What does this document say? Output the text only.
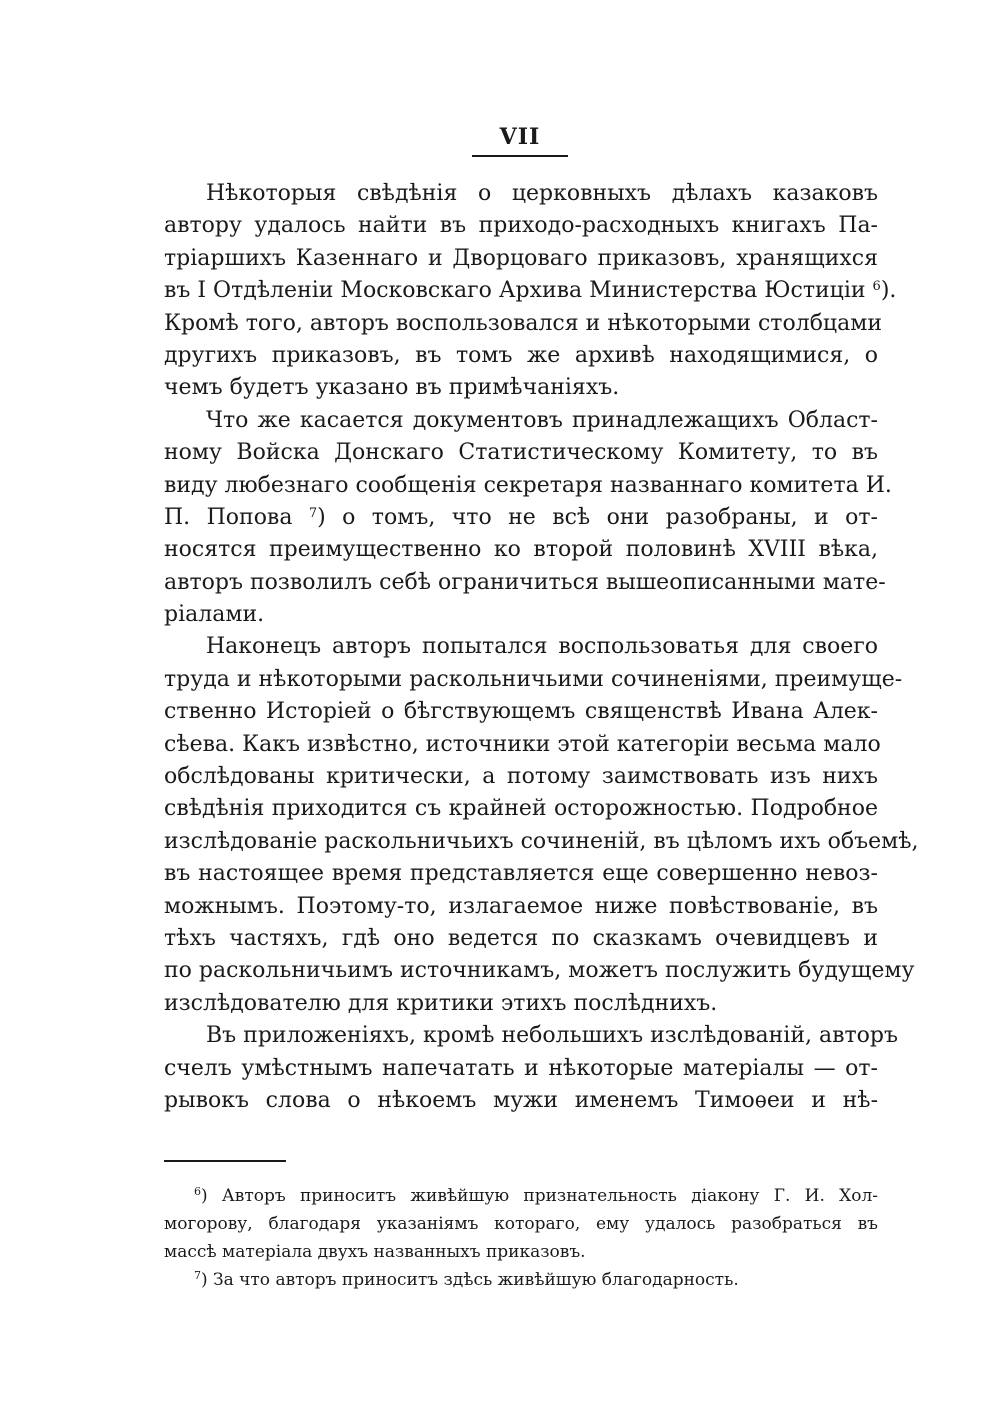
VII
Нѣкоторыя свѣдѣнія о церковныхъ дѣлахъ казаковъ
автору удалось найти въ приходо-расходныхъ книгахъ Па-
тріаршихъ Казеннаго и Дворцоваго приказовъ, хранящихся
въ I Отдѣленіи Московскаго Архива Министерства Юстиціи $^6$).
Кромѣ того, авторъ воспользовался и нѣкоторыми столбцами
другихъ приказовъ, въ томъ же архивѣ находящимися, о
чемъ будетъ указано въ примѣчаніяхъ.
Что же касается документовъ принадлежащихъ Област-
ному Войска Донскаго Статистическому Комитету, то въ
виду любезнаго сообщенія секретаря названнаго комитета И.
П. Попова $^7$) о томъ, что не всѣ они разобраны, и от-
носятся преимущественно ко второй половинѣ XVIII вѣка,
авторъ позволилъ себѣ ограничиться вышеописанными мате-
ріалами.
Наконецъ авторъ попытался воспользоватья для своего
труда и нѣкоторыми раскольничьими сочиненіями, преимуще-
ственно Исторіей о бѣгствующемъ священствѣ Ивана Алек-
сѣева. Какъ извѣстно, источники этой категоріи весьма мало
обслѣдованы критически, а потому заимствовать изъ нихъ
свѣдѣнія приходится съ крайней осторожностью. Подробное
изслѣдованіе раскольничьихъ сочиненій, въ цѣломъ ихъ объемѣ,
въ настоящее время представляется еще совершенно невоз-
можнымъ. Поэтому-то, излагаемое ниже повѣствованіе, въ
тѣхъ частяхъ, гдѣ оно ведется по сказкамъ очевидцевъ и
по раскольничьимъ источникамъ, можетъ послужить будущему
изслѣдователю для критики этихъ послѣднихъ.
Въ приложеніяхъ, кромѣ небольшихъ изслѣдованій, авторъ
счелъ умѣстнымъ напечатать и нѣкоторые матеріалы — от-
рывокъ слова о нѣкоемъ мужи именемъ Тимоѳеи и нѣ-
$^6$) Авторъ приноситъ живѣйшую признательность діакону Г. И. Хол-
могорову, благодаря указаніямъ котораго, ему удалось разобраться въ
массѣ матеріала двухъ названныхъ приказовъ.
$^7$) За что авторъ приноситъ здѣсь живѣйшую благодарность.
